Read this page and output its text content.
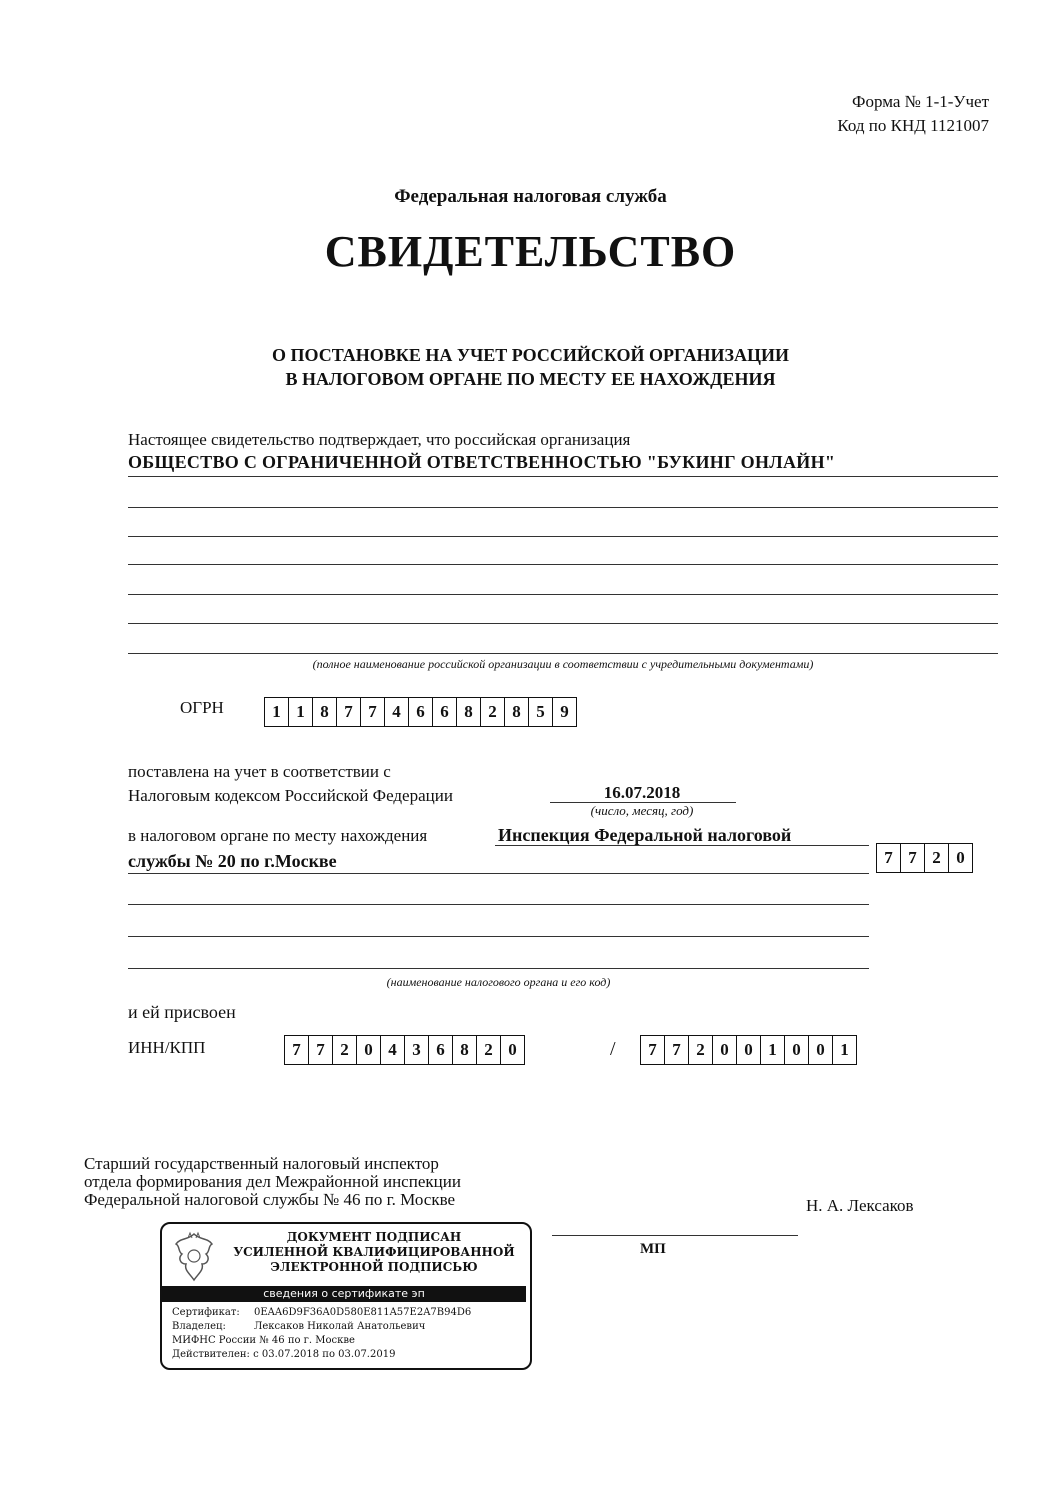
Форма № 1-1-Учет
Код по КНД 1121007
Федеральная налоговая служба
СВИДЕТЕЛЬСТВО
О ПОСТАНОВКЕ НА УЧЕТ РОССИЙСКОЙ ОРГАНИЗАЦИИ
В НАЛОГОВОМ ОРГАНЕ ПО МЕСТУ ЕЕ НАХОЖДЕНИЯ
Настоящее свидетельство подтверждает, что российская организация
ОБЩЕСТВО С ОГРАНИЧЕННОЙ ОТВЕТСТВЕННОСТЬЮ "БУКИНГ ОНЛАЙН"
(полное наименование российской организации в соответствии с учредительными документами)
ОГРН	1 1 8 7 7 4 6 6 8 2 8 5 9
поставлена на учет в соответствии с
Налоговым кодексом Российской Федерации	16.07.2018
(число, месяц, год)
в налоговом органе по месту нахождения	Инспекция Федеральной налоговой
службы № 20 по г.Москве	7 7 2 0
(наименование налогового органа и его код)
и ей присвоен
ИНН/КПП	7 7 2 0 4 3 6 8 2 0	/	7 7 2 0 0 1 0 0 1
Старший государственный налоговый инспектор
отдела формирования дел Межрайонной инспекции
Федеральной налоговой службы № 46 по г. Москве	Н. А. Лексаков
МП
ДОКУМЕНТ ПОДПИСАН
УСИЛЕННОЙ КВАЛИФИЦИРОВАННОЙ
ЭЛЕКТРОННОЙ ПОДПИСЬЮ
сведения о сертификате эп
Сертификат: 0EAA6D9F36A0D580E811A57E2A7B94D6
Владелец:	Лексаков Николай Анатольевич
МИФНС России № 46 по г. Москве
Действителен: с 03.07.2018 по 03.07.2019
